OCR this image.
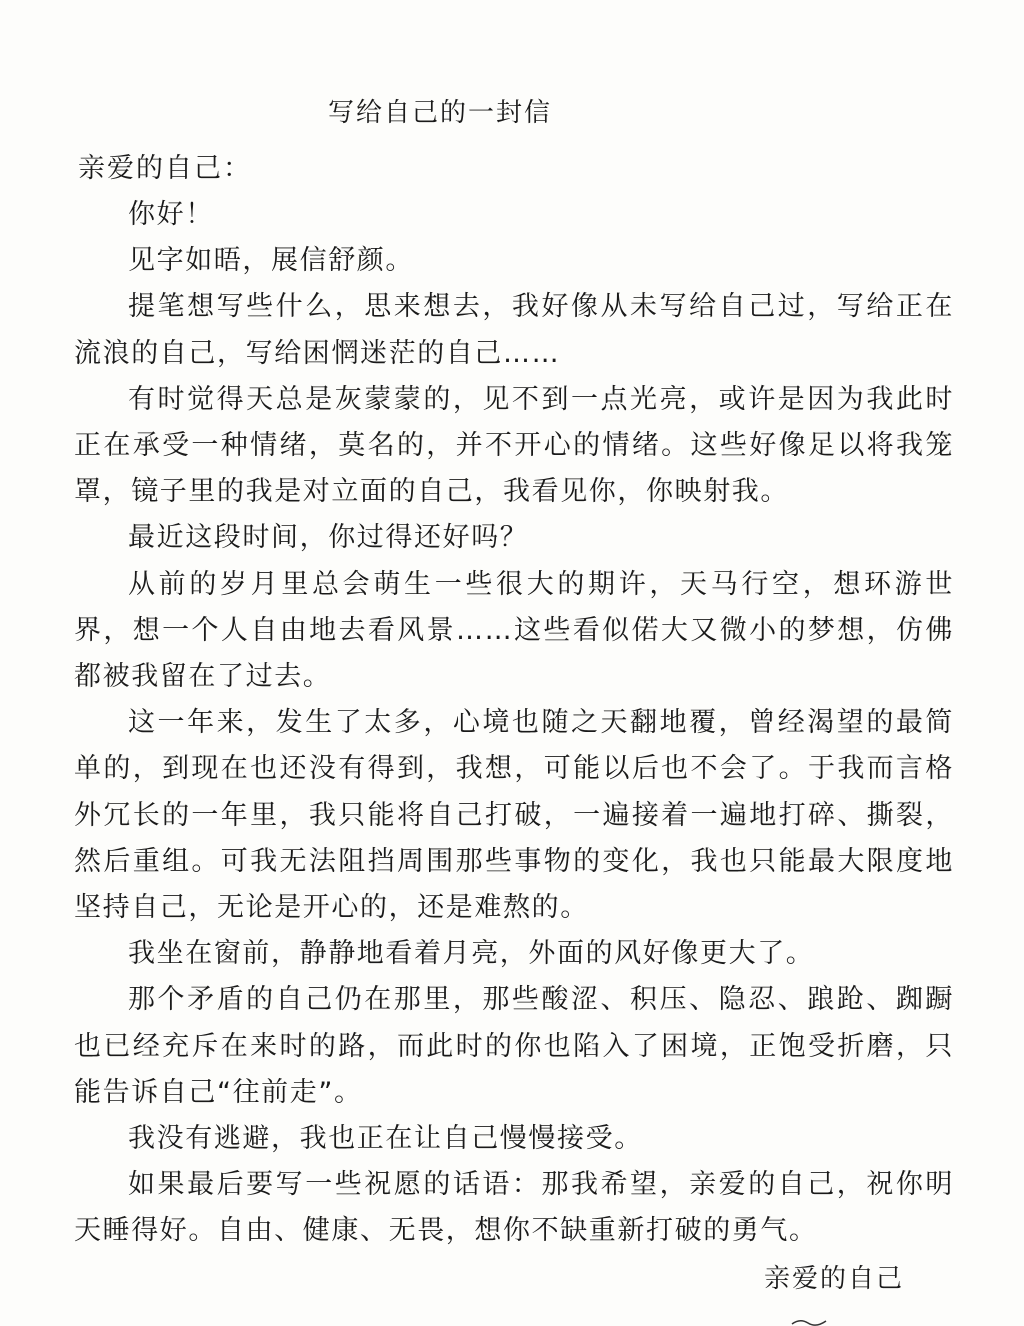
写给自己的一封信
亲爱的自己：

你好！

见字如晤，展信舒颜。

提笔想写些什么，思来想去，我好像从未写给自己过，写给正在流浪的自己，写给困惘迷茫的自己……

有时觉得天总是灰蒙蒙的，见不到一点光亮，或许是因为我此时正在承受一种情绪，莫名的，并不开心的情绪。这些好像足以将我笼罩，镜子里的我是对立面的自己，我看见你，你映射我。

最近这段时间，你过得还好吗？

从前的岁月里总会萌生一些很大的期许，天马行空，想环游世界，想一个人自由地去看风景……这些看似偌大又微小的梦想，仿佛都被我留在了过去。

这一年来，发生了太多，心境也随之天翻地覆，曾经渴望的最简单的，到现在也还没有得到，我想，可能以后也不会了。于我而言格外冗长的一年里，我只能将自己打破，一遍接着一遍地打碎、撕裂，然后重组。可我无法阻挡周围那些事物的变化，我也只能最大限度地坚持自己，无论是开心的，还是难熬的。

我坐在窗前，静静地看着月亮，外面的风好像更大了。

那个矛盾的自己仍在那里，那些酸涩、积压、隐忍、踉跄、踟蹰也已经充斥在来时的路，而此时的你也陷入了困境，正饱受折磨，只能告诉自己“往前走”。

我没有逃避，我也正在让自己慢慢接受。

如果最后要写一些祝愿的话语：那我希望，亲爱的自己，祝你明天睡得好。自由、健康、无畏，想你不缺重新打破的勇气。

亲爱的自己
